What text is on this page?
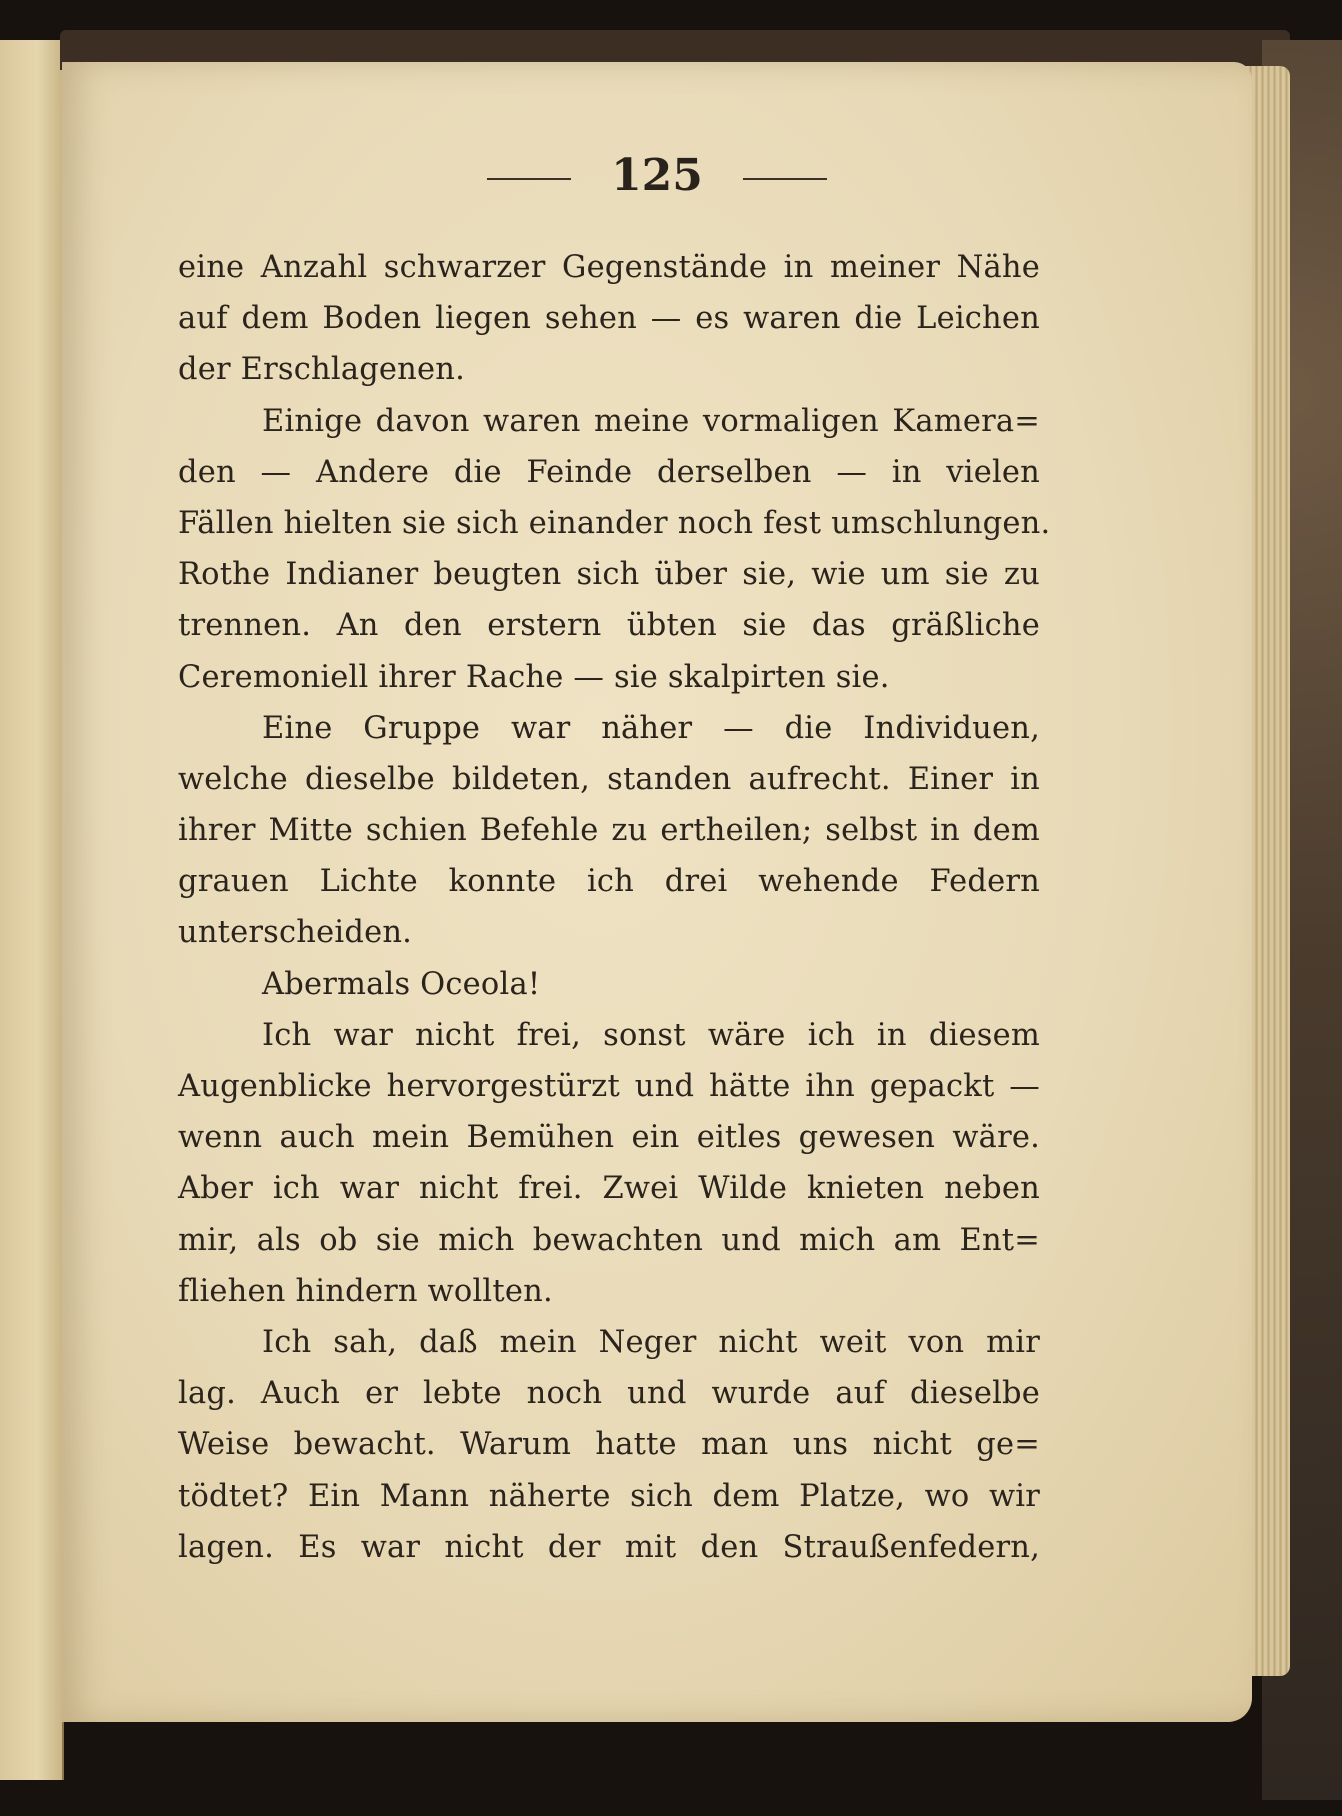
125
eine Anzahl schwarzer Gegenstände in meiner Nähe
auf dem Boden liegen sehen — es waren die Leichen
der Erschlagenen.
Einige davon waren meine vormaligen Kamera=
den — Andere die Feinde derselben — in vielen
Fällen hielten sie sich einander noch fest umschlungen.
Rothe Indianer beugten sich über sie, wie um sie zu
trennen. An den erstern übten sie das gräßliche
Ceremoniell ihrer Rache — sie skalpirten sie.
Eine Gruppe war näher — die Individuen,
welche dieselbe bildeten, standen aufrecht. Einer in
ihrer Mitte schien Befehle zu ertheilen; selbst in dem
grauen Lichte konnte ich drei wehende Federn
unterscheiden.
Abermals Oceola!
Ich war nicht frei, sonst wäre ich in diesem
Augenblicke hervorgestürzt und hätte ihn gepackt —
wenn auch mein Bemühen ein eitles gewesen wäre.
Aber ich war nicht frei. Zwei Wilde knieten neben
mir, als ob sie mich bewachten und mich am Ent=
fliehen hindern wollten.
Ich sah, daß mein Neger nicht weit von mir
lag. Auch er lebte noch und wurde auf dieselbe
Weise bewacht. Warum hatte man uns nicht ge=
tödtet? Ein Mann näherte sich dem Platze, wo wir
lagen. Es war nicht der mit den Straußenfedern,
